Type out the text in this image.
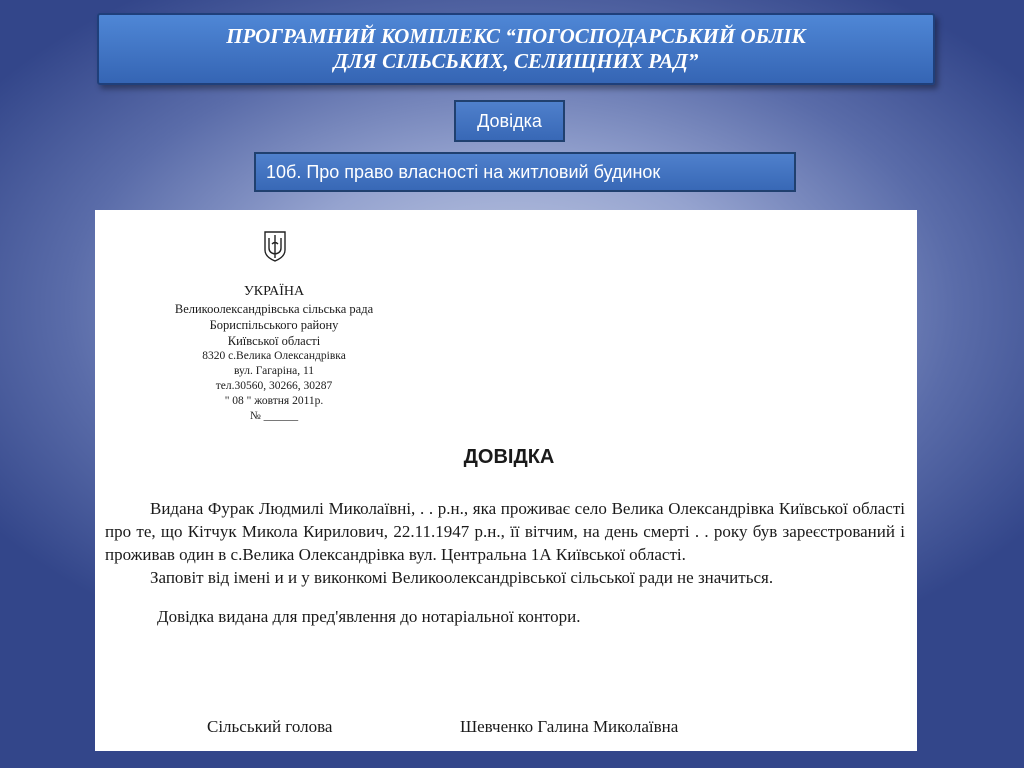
ПРОГРАМНИЙ КОМПЛЕКС “ПОГОСПОДАРСЬКИЙ ОБЛІК
ДЛЯ СІЛЬСЬКИХ, СЕЛИЩНИХ РАД”
Довідка
10б. Про право власності на житловий будинок
УКРАЇНА
Великоолександрівська сільська рада
Бориспільського району
Київської області
8320 с.Велика Олександрівка
вул. Гагаріна, 11
тел.30560, 30266, 30287
" 08 " жовтня 2011р.
№ ______
ДОВІДКА

Видана Фурак Людмилі Миколаївні, . . р.н., яка проживає село Велика Олександрівка Київської області про те, що Кітчук Микола Кирилович, 22.11.1947 р.н., її вітчим, на день смерті . . року був зареєстрований і проживав один в с.Велика Олександрівка вул. Центральна 1А Київської області.

Заповіт від імені и и у виконкомі Великоолександрівської сільської ради не значиться.

Довідка видана для пред'явлення до нотаріальної контори.

Сільський голова                              Шевченко Галина Миколаївна
